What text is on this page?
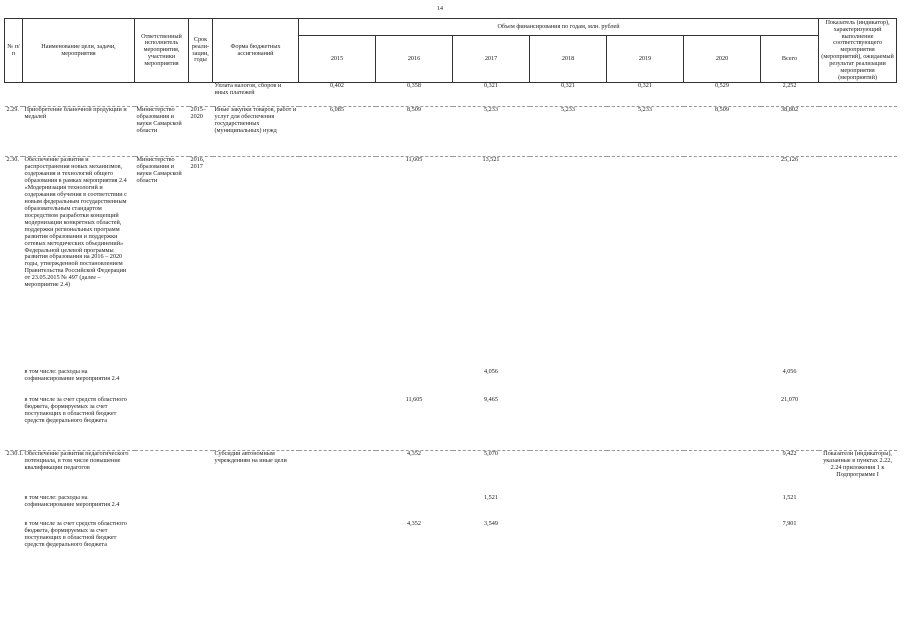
14
№ п/п	Наименование цели, задачи, мероприятия	Ответственный исполнитель мероприятия, участники мероприятия	Срок реали-зации, годы	Форма бюджетных ассигнований	Объем финансирования по годам, млн. рублей							Показатель (индикатор), характеризующий выполнение соответствующего мероприятия (мероприятий), ожидаемый результат реализации мероприятия (мероприятий)
					2015	2016	2017	2018	2019	2020	Всего	
				Уплата налогов, сборов и иных платежей	0,402	0,358	0,321	0,321	0,321	0,529	2,252	
2.29.	Приобретение бланочной продукции и медалей	Министерство образования и науки Самарской области	2015–2020	Иные закупки товаров, работ и услуг для обеспечения государственных (муниципальных) нужд	6,085	8,509	5,233	5,233	5,233	8,509	38,802	
2.30.	Обеспечение развития и распространения новых механизмов, содержания и технологий общего образования в рамках мероприятия 2.4 «Модернизация технологий и содержания обучения в соответствии с новым федеральным государственным образовательным стандартом посредством разработки концепций модернизации конкретных областей, поддержки региональных программ развития образования и поддержки сетевых методических объединений» Федеральной целевой программы развития образования на 2016 – 2020 годы, утвержденной постановлением Правительства Российской Федерации от 23.05.2015 № 497 (далее – мероприятие 2.4)	Министерство образования и науки Самарской области	2016, 2017			11,605	13,521				25,126	
	в том числе: расходы на софинансирование мероприятия 2.4						4,056				4,056	
	в том числе за счет средств областного бюджета, формируемых за счет поступающих в областной бюджет средств федерального бюджета					11,605	9,465				21,070	
2.30.1.	Обеспечение развития педагогического потенциала, в том числе повышение квалификации педагогов			Субсидии автономным учреждениям на иные цели		4,352	5,070				9,422	Показатели (индикаторы), указанные в пунктах 2.22, 2.24 приложения 1 к Подпрограмме I
	в том числе: расходы на софинансирование мероприятия 2.4						1,521				1,521	
	в том числе за счет средств областного бюджета, формируемых за счет поступающих в областной бюджет средств федерального бюджета					4,352	3,549				7,901	
